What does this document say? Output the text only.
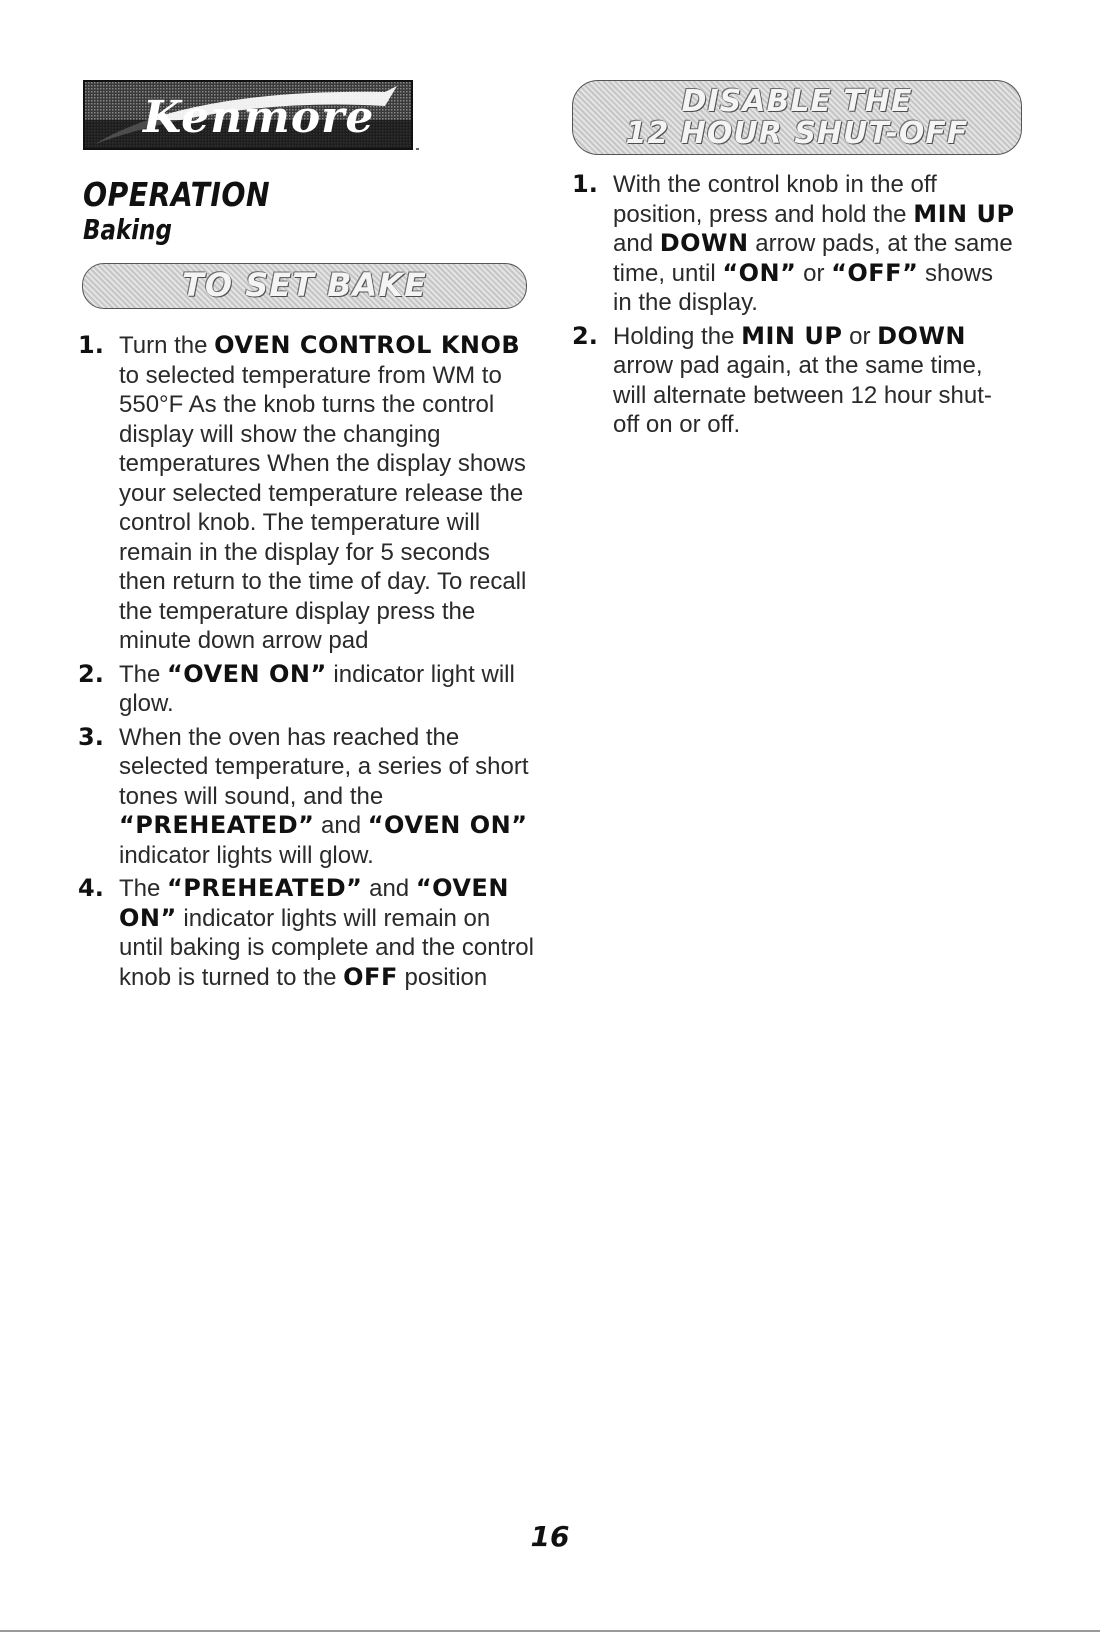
Kenmore
OPERATION
Baking
TO SET BAKE
1. Turn the OVEN CONTROL KNOB to selected temperature from WM to 550°F As the knob turns the control display will show the changing temperatures When the display shows your selected temperature release the control knob. The temperature will remain in the display for 5 seconds then return to the time of day. To recall the temperature display press the minute down arrow pad
2. The “OVEN ON” indicator light will glow.
3. When the oven has reached the selected temperature, a series of short tones will sound, and the “PREHEATED” and “OVEN ON” indicator lights will glow.
4. The “PREHEATED” and “OVEN ON” indicator lights will remain on until baking is complete and the control knob is turned to the OFF position
DISABLE THE
12 HOUR SHUT-OFF
1. With the control knob in the off position, press and hold the MIN UP and DOWN arrow pads, at the same time, until “ON” or “OFF” shows in the display.
2. Holding the MIN UP or DOWN arrow pad again, at the same time, will alternate between 12 hour shut-off on or off.
16
